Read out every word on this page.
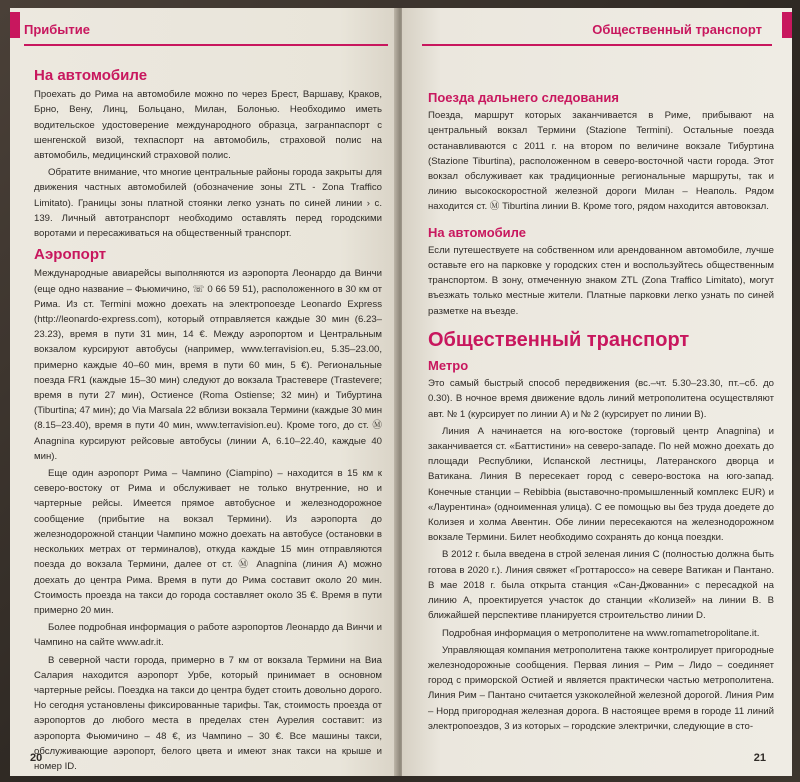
Прибытие
На автомобиле

Проехать до Рима на автомобиле можно по через Брест, Варшаву, Краков, Брно, Вену, Линц, Больцано, Милан, Болонью. Необходимо иметь водительское удостоверение международного образца, загранпаспорт с шенгенской визой, техпаспорт на автомобиль, страховой полис на автомобиль, медицинский страховой полис.

Обратите внимание, что многие центральные районы города закрыты для движения частных автомобилей (обозначение зоны ZTL - Zona Traffico Limitato). Границы зоны платной стоянки легко узнать по синей линии › с. 139. Личный автотранспорт необходимо оставлять перед городскими воротами и пересаживаться на общественный транспорт.

Аэропорт

Международные авиарейсы выполняются из аэропорта Леонардо да Винчи (еще одно название – Фьюмичино, ☏ 0 66 59 51), расположенного в 30 км от Рима. Из ст. Termini можно доехать на электропоезде Leonardo Express (http://leonardo-express.com), который отправляется каждые 30 мин (6.23–23.23), время в пути 31 мин, 14 €. Между аэропортом и Центральным вокзалом курсируют автобусы (например, www.terravision.eu, 5.35–23.00, примерно каждые 40–60 мин, время в пути 60 мин, 5 €). Региональные поезда FR1 (каждые 15–30 мин) следуют до вокзала Трастевере (Trastevere; время в пути 27 мин), Остиенсе (Roma Ostiense; 32 мин) и Тибуртина (Tiburtina; 47 мин); до Via Marsala 22 вблизи вокзала Термини (каждые 30 мин (8.15–23.40), время в пути 40 мин, www.terravision.eu). Кроме того, до ст. Ⓜ Anagnina курсируют рейсовые автобусы (линии A, 6.10–22.40, каждые 40 мин).

Еще один аэропорт Рима – Чампино (Ciampino) – находится в 15 км к северо-востоку от Рима и обслуживает не только внутренние, но и чартерные рейсы. Имеется прямое автобусное и железнодорожное сообщение (прибытие на вокзал Термини). Из аэропорта до железнодорожной станции Чампино можно доехать на автобусе (остановки в нескольких метрах от терминалов), откуда каждые 15 мин отправляются поезда до вокзала Термини, далее от ст. Ⓜ Anagnina (линия A) можно доехать до центра Рима. Время в пути до Рима составит около 20 мин. Стоимость проезда на такси до города составляет около 35 €. Время в пути примерно 20 мин.

Более подробная информация о работе аэропортов Леонардо да Винчи и Чампино на сайте www.adr.it.

В северной части города, примерно в 7 км от вокзала Термини на Виа Салария находится аэропорт Урбе, который принимает в основном чартерные рейсы. Поездка на такси до центра будет стоить довольно дорого. Но сегодня установлены фиксированные тарифы. Так, стоимость проезда от аэропортов до любого места в пределах стен Аурелия составит: из аэропорта Фьюмичино – 48 €, из Чампино – 30 €. Все машины такси, обслуживающие аэропорт, белого цвета и имеют знак такси на крыше и номер ID.

20
Общественный транспорт
Поезда дальнего следования

Поезда, маршрут которых заканчивается в Риме, прибывают на центральный вокзал Термини (Stazione Termini). Остальные поезда останавливаются с 2011 г. на втором по величине вокзале Тибуртина (Stazione Tiburtina), расположенном в северо-восточной части города. Этот вокзал обслуживает как традиционные региональные маршруты, так и линию высокоскоростной железной дороги Милан – Неаполь. Рядом находится ст. Ⓜ Tiburtina линии B. Кроме того, рядом находится автовокзал.

На автомобиле

Если путешествуете на собственном или арендованном автомобиле, лучше оставьте его на парковке у городских стен и воспользуйтесь общественным транспортом. В зону, отмеченную знаком ZTL (Zona Traffico Limitato), могут въезжать только местные жители. Платные парковки легко узнать по синей разметке на въезде.

Общественный транспорт
Метро

Это самый быстрый способ передвижения (вс.–чт. 5.30–23.30, пт.–сб. до 0.30). В ночное время движение вдоль линий метрополитена осуществляют авт. № 1 (курсирует по линии A) и № 2 (курсирует по линии B).

Линия A начинается на юго-востоке (торговый центр Anagnina) и заканчивается ст. «Баттистини» на северо-западе. По ней можно доехать до площади Республики, Испанской лестницы, Латеранского дворца и Ватикана. Линия B пересекает город с северо-востока на юго-запад. Конечные станции – Rebibbia (выставочно-промышленный комплекс EUR) и «Лаурентина» (одноименная улица). С ее помощью вы без труда доедете до Колизея и холма Авентин. Обе линии пересекаются на железнодорожном вокзале Термини. Билет необходимо сохранять до конца поездки.

В 2012 г. была введена в строй зеленая линия C (полностью должна быть готова в 2020 г.). Линия свяжет «Гроттаросcо» на севере Ватикан и Пантано. В мае 2018 г. была открыта станция «Сан-Джованни» с пересадкой на линию A, проектируется участок до станции «Колизей» на линии B. В ближайшей перспективе планируется строительство линии D.

Подробная информация о метрополитене на www.romametropolitane.it.

Управляющая компания метрополитена также контролирует пригородные железнодорожные сообщения. Первая линия – Рим – Лидо – соединяет город с приморской Остией и является практически частью метрополитена. Линия Рим – Пантано считается узкоколейной железной дорогой. Линия Рим – Норд пригородная железная дорога. В настоящее время в городе 11 линий электропоездов, 3 из которых – городские электрички, следующие в сто-

21
